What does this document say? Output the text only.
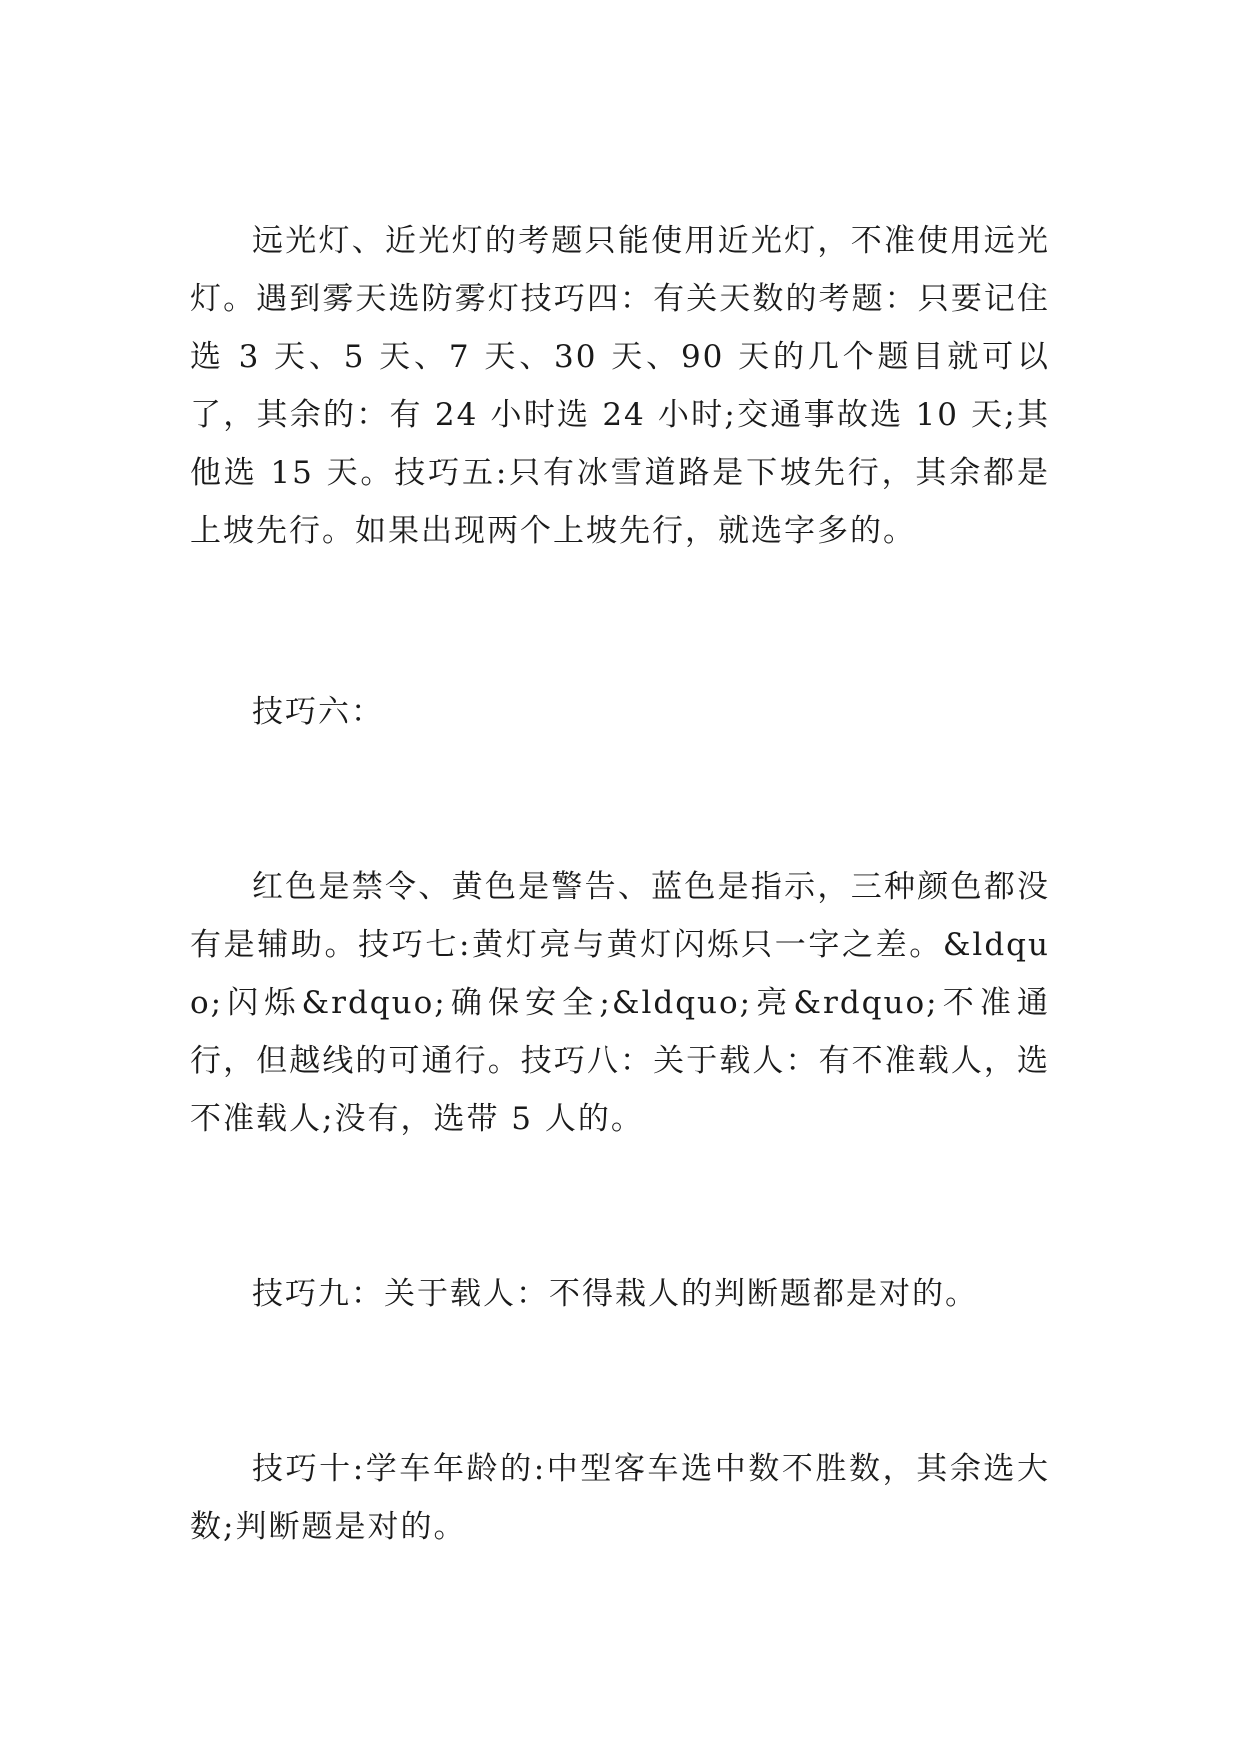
远光灯、近光灯的考题只能使用近光灯，不准使用远光灯。遇到雾天选防雾灯技巧四：有关天数的考题：只要记住选 3 天、5 天、7 天、30 天、90 天的几个题目就可以了，其余的：有 24 小时选 24 小时;交通事故选 10 天;其他选 15 天。技巧五:只有冰雪道路是下坡先行，其余都是上坡先行。如果出现两个上坡先行，就选字多的。

技巧六：

红色是禁令、黄色是警告、蓝色是指示，三种颜色都没有是辅助。技巧七:黄灯亮与黄灯闪烁只一字之差。&ldquo;闪烁&rdquo;确保安全;&ldquo;亮&rdquo;不准通行，但越线的可通行。技巧八：关于载人：有不准载人，选不准载人;没有，选带 5 人的。

技巧九：关于载人：不得栽人的判断题都是对的。

技巧十:学车年龄的:中型客车选中数不胜数，其余选大数;判断题是对的。
